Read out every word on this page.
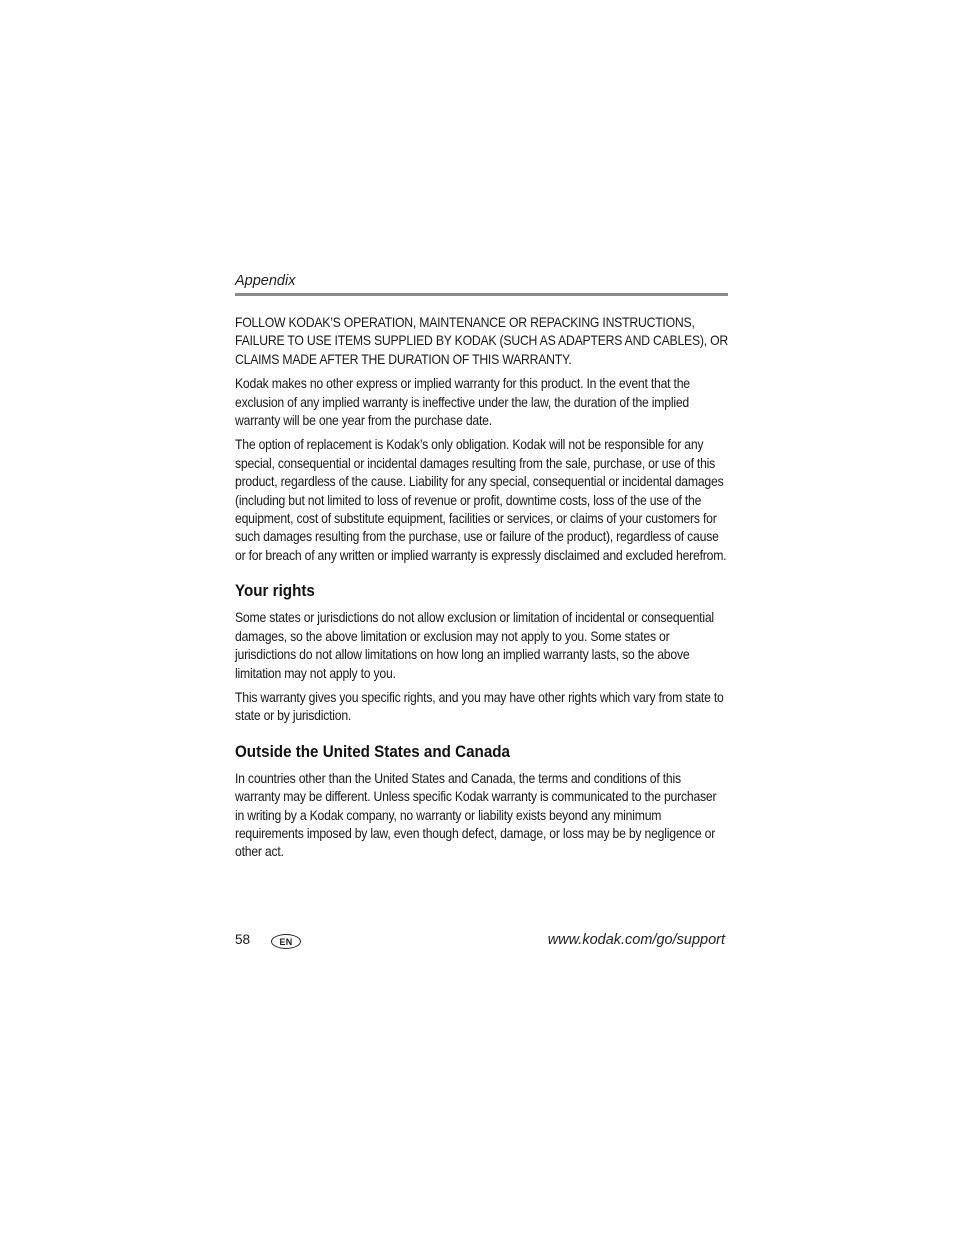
Appendix

FOLLOW KODAK’S OPERATION, MAINTENANCE OR REPACKING INSTRUCTIONS, FAILURE TO USE ITEMS SUPPLIED BY KODAK (SUCH AS ADAPTERS AND CABLES), OR CLAIMS MADE AFTER THE DURATION OF THIS WARRANTY.

Kodak makes no other express or implied warranty for this product. In the event that the exclusion of any implied warranty is ineffective under the law, the duration of the implied warranty will be one year from the purchase date.

The option of replacement is Kodak’s only obligation. Kodak will not be responsible for any special, consequential or incidental damages resulting from the sale, purchase, or use of this product, regardless of the cause. Liability for any special, consequential or incidental damages (including but not limited to loss of revenue or profit, downtime costs, loss of the use of the equipment, cost of substitute equipment, facilities or services, or claims of your customers for such damages resulting from the purchase, use or failure of the product), regardless of cause or for breach of any written or implied warranty is expressly disclaimed and excluded herefrom.

Your rights

Some states or jurisdictions do not allow exclusion or limitation of incidental or consequential damages, so the above limitation or exclusion may not apply to you. Some states or jurisdictions do not allow limitations on how long an implied warranty lasts, so the above limitation may not apply to you.

This warranty gives you specific rights, and you may have other rights which vary from state to state or by jurisdiction.

Outside the United States and Canada

In countries other than the United States and Canada, the terms and conditions of this warranty may be different. Unless specific Kodak warranty is communicated to the purchaser in writing by a Kodak company, no warranty or liability exists beyond any minimum requirements imposed by law, even though defect, damage, or loss may be by negligence or other act.

58	EN	www.kodak.com/go/support
